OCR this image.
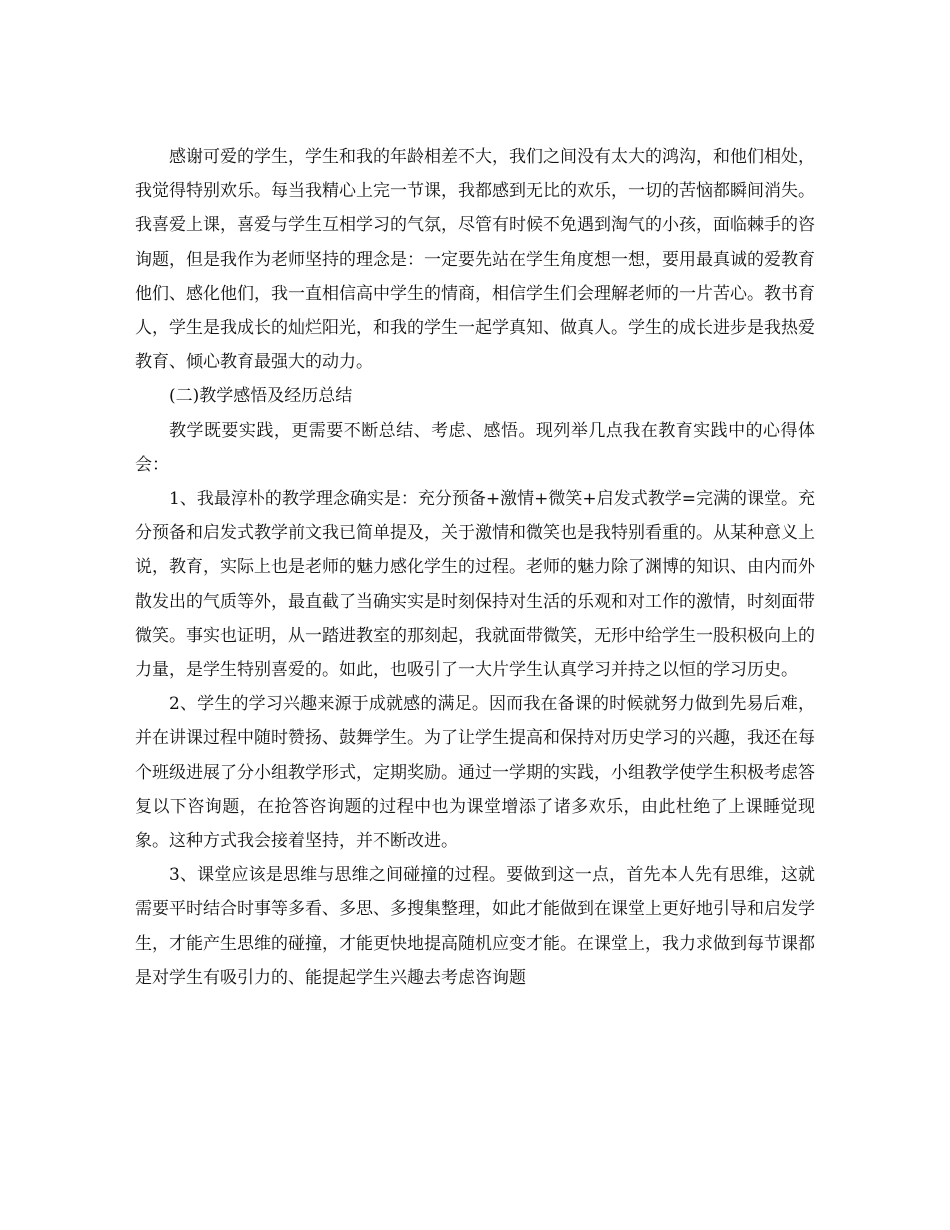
感谢可爱的学生，学生和我的年龄相差不大，我们之间没有太大的鸿沟，和他们相处，我觉得特别欢乐。每当我精心上完一节课，我都感到无比的欢乐，一切的苦恼都瞬间消失。我喜爱上课，喜爱与学生互相学习的气氛，尽管有时候不免遇到淘气的小孩，面临棘手的咨询题，但是我作为老师坚持的理念是：一定要先站在学生角度想一想，要用最真诚的爱教育他们、感化他们，我一直相信高中学生的情商，相信学生们会理解老师的一片苦心。教书育人，学生是我成长的灿烂阳光，和我的学生一起学真知、做真人。学生的成长进步是我热爱教育、倾心教育最强大的动力。

(二)教学感悟及经历总结

教学既要实践，更需要不断总结、考虑、感悟。现列举几点我在教育实践中的心得体会：

1、我最淳朴的教学理念确实是：充分预备+激情+微笑+启发式教学=完满的课堂。充分预备和启发式教学前文我已简单提及，关于激情和微笑也是我特别看重的。从某种意义上说，教育，实际上也是老师的魅力感化学生的过程。老师的魅力除了渊博的知识、由内而外散发出的气质等外，最直截了当确实实是时刻保持对生活的乐观和对工作的激情，时刻面带微笑。事实也证明，从一踏进教室的那刻起，我就面带微笑，无形中给学生一股积极向上的力量，是学生特别喜爱的。如此，也吸引了一大片学生认真学习并持之以恒的学习历史。

2、学生的学习兴趣来源于成就感的满足。因而我在备课的时候就努力做到先易后难，并在讲课过程中随时赞扬、鼓舞学生。为了让学生提高和保持对历史学习的兴趣，我还在每个班级进展了分小组教学形式，定期奖励。通过一学期的实践，小组教学使学生积极考虑答复以下咨询题，在抢答咨询题的过程中也为课堂增添了诸多欢乐，由此杜绝了上课睡觉现象。这种方式我会接着坚持，并不断改进。

3、课堂应该是思维与思维之间碰撞的过程。要做到这一点，首先本人先有思维，这就需要平时结合时事等多看、多思、多搜集整理，如此才能做到在课堂上更好地引导和启发学生，才能产生思维的碰撞，才能更快地提高随机应变才能。在课堂上，我力求做到每节课都是对学生有吸引力的、能提起学生兴趣去考虑咨询题
